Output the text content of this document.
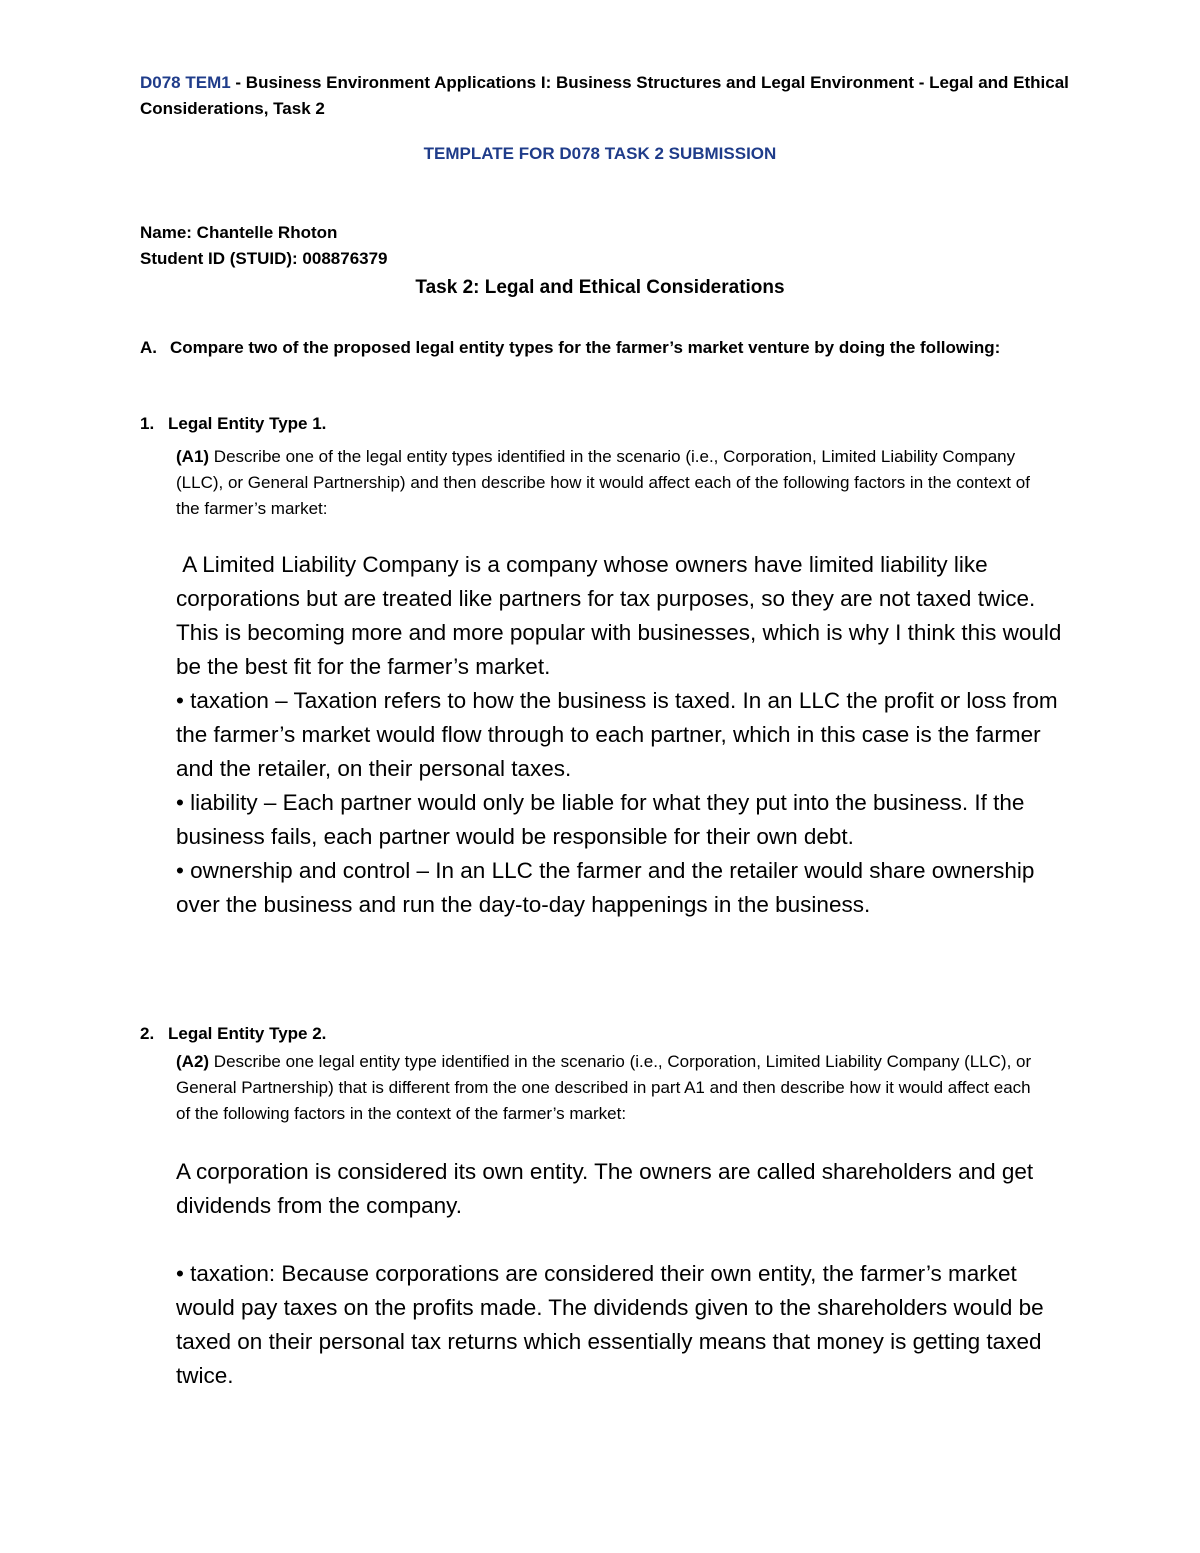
D078 TEM1 - Business Environment Applications I: Business Structures and Legal Environment - Legal and Ethical Considerations, Task 2
TEMPLATE FOR D078 TASK 2 SUBMISSION
Name: Chantelle Rhoton
Student ID (STUID): 008876379
Task 2: Legal and Ethical Considerations
A. Compare two of the proposed legal entity types for the farmer’s market venture by doing the following:
1. Legal Entity Type 1.
(A1) Describe one of the legal entity types identified in the scenario (i.e., Corporation, Limited Liability Company (LLC), or General Partnership) and then describe how it would affect each of the following factors in the context of the farmer’s market:

A Limited Liability Company is a company whose owners have limited liability like corporations but are treated like partners for tax purposes, so they are not taxed twice. This is becoming more and more popular with businesses, which is why I think this would be the best fit for the farmer’s market.

• taxation – Taxation refers to how the business is taxed. In an LLC the profit or loss from the farmer’s market would flow through to each partner, which in this case is the farmer and the retailer, on their personal taxes.

• liability – Each partner would only be liable for what they put into the business. If the business fails, each partner would be responsible for their own debt.

• ownership and control – In an LLC the farmer and the retailer would share ownership over the business and run the day-to-day happenings in the business.

2. Legal Entity Type 2.
(A2) Describe one legal entity type identified in the scenario (i.e., Corporation, Limited Liability Company (LLC), or General Partnership) that is different from the one described in part A1 and then describe how it would affect each of the following factors in the context of the farmer’s market:

A corporation is considered its own entity. The owners are called shareholders and get dividends from the company.

• taxation: Because corporations are considered their own entity, the farmer’s market would pay taxes on the profits made. The dividends given to the shareholders would be taxed on their personal tax returns which essentially means that money is getting taxed twice.
